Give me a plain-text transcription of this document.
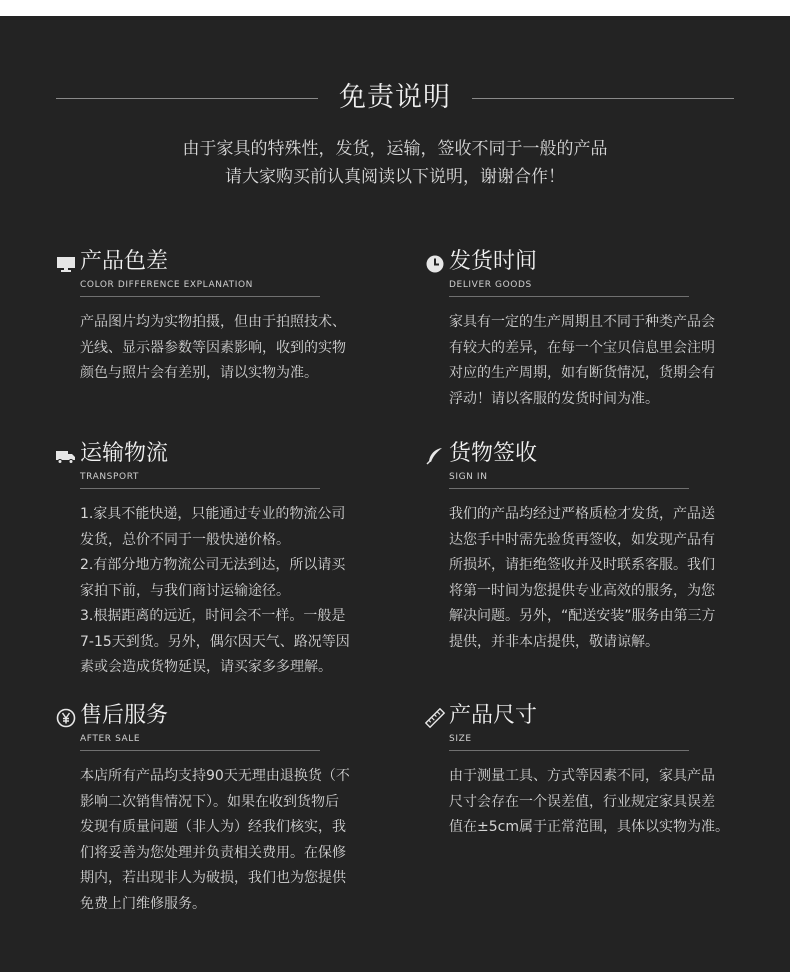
免责说明
由于家具的特殊性，发货，运输，签收不同于一般的产品
请大家购买前认真阅读以下说明，谢谢合作！
产品色差
COLOR DIFFERENCE EXPLANATION

产品图片均为实物拍摄，但由于拍照技术、

光线、显示器参数等因素影响，收到的实物

颜色与照片会有差别，请以实物为准。

发货时间
DELIVER GOODS

家具有一定的生产周期且不同于种类产品会

有较大的差异，在每一个宝贝信息里会注明

对应的生产周期，如有断货情况，货期会有

浮动！请以客服的发货时间为准。

运输物流
TRANSPORT

1.家具不能快递，只能通过专业的物流公司

发货，总价不同于一般快递价格。

2.有部分地方物流公司无法到达，所以请买

家拍下前，与我们商讨运输途径。

3.根据距离的远近，时间会不一样。一般是

7-15天到货。另外，偶尔因天气、路况等因

素或会造成货物延误，请买家多多理解。

货物签收
SIGN IN

我们的产品均经过严格质检才发货，产品送

达您手中时需先验货再签收，如发现产品有

所损坏，请拒绝签收并及时联系客服。我们

将第一时间为您提供专业高效的服务，为您

解决问题。另外，“配送安装”服务由第三方

提供，并非本店提供，敬请谅解。

售后服务
AFTER SALE

本店所有产品均支持90天无理由退换货（不

影响二次销售情况下）。如果在收到货物后

发现有质量问题（非人为）经我们核实，我

们将妥善为您处理并负责相关费用。在保修

期内，若出现非人为破损，我们也为您提供

免费上门维修服务。

产品尺寸
SIZE

由于测量工具、方式等因素不同，家具产品

尺寸会存在一个误差值，行业规定家具误差

值在±5cm属于正常范围，具体以实物为准。
